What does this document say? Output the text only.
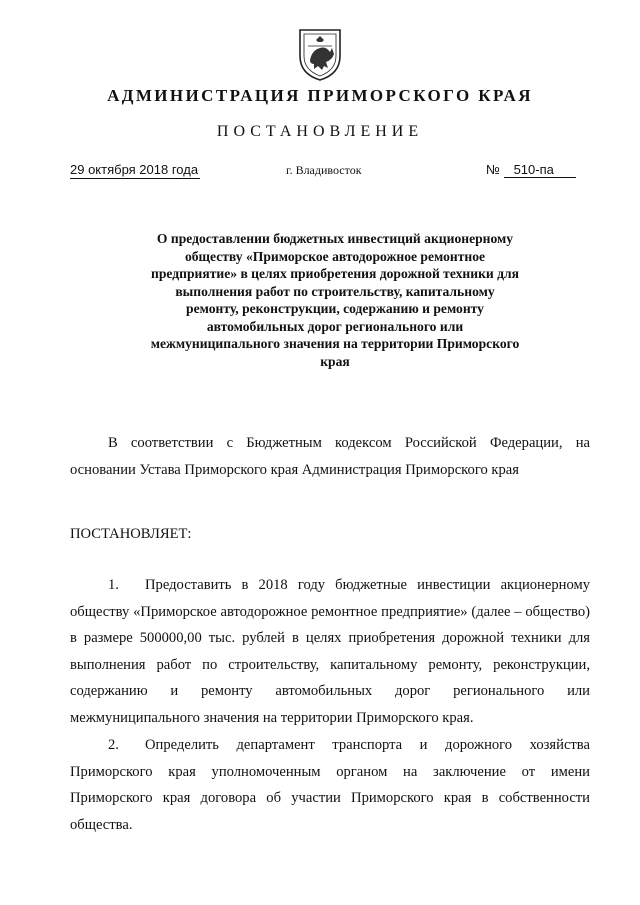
АДМИНИСТРАЦИЯ ПРИМОРСКОГО КРАЯ
ПОСТАНОВЛЕНИЕ
29 октября 2018 года	г. Владивосток	№ 510-па
О предоставлении бюджетных инвестиций акционерному обществу «Приморское автодорожное ремонтное предприятие» в целях приобретения дорожной техники для выполнения работ по строительству, капитальному ремонту, реконструкции, содержанию и ремонту автомобильных дорог регионального или межмуниципального значения на территории Приморского края
В соответствии с Бюджетным кодексом Российской Федерации, на основании Устава Приморского края Администрация Приморского края
ПОСТАНОВЛЯЕТ:
1. Предоставить в 2018 году бюджетные инвестиции акционерному обществу «Приморское автодорожное ремонтное предприятие» (далее – общество) в размере 500000,00 тыс. рублей в целях приобретения дорожной техники для выполнения работ по строительству, капитальному ремонту, реконструкции, содержанию и ремонту автомобильных дорог регионального или межмуниципального значения на территории Приморского края.
2. Определить департамент транспорта и дорожного хозяйства Приморского края уполномоченным органом на заключение от имени Приморского края договора об участии Приморского края в собственности общества.
